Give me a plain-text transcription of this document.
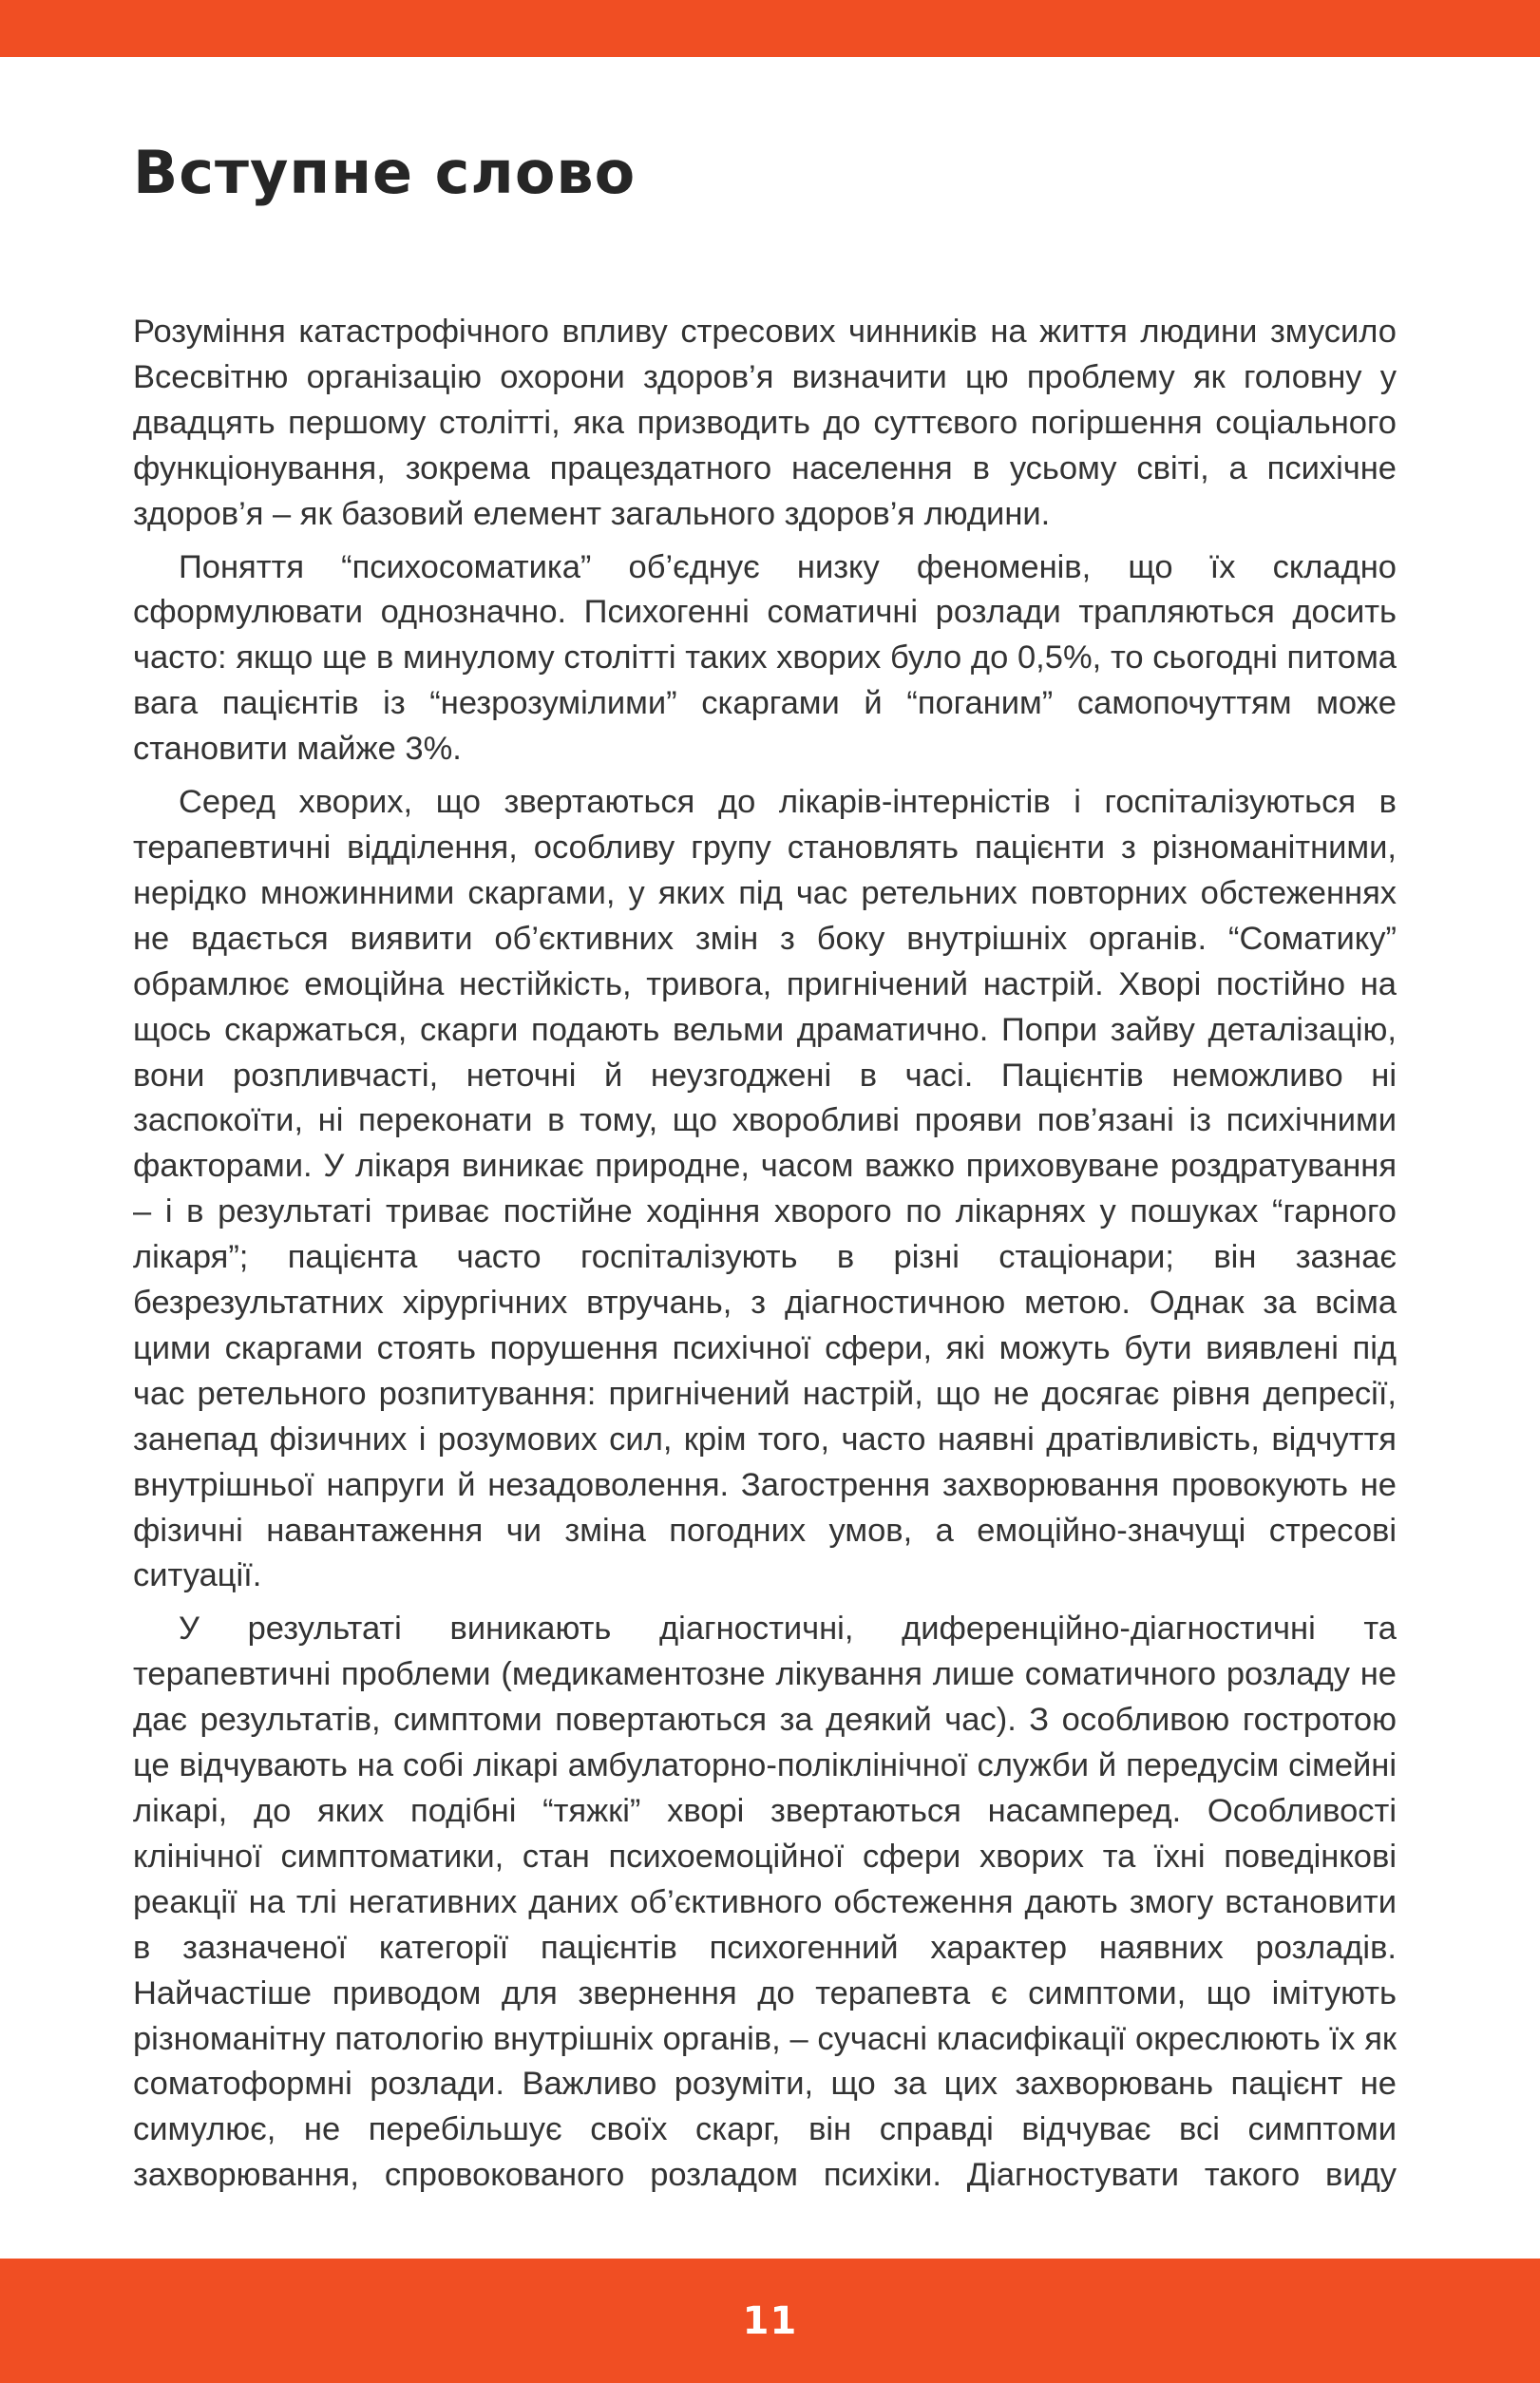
Вступне слово

Розуміння катастрофічного впливу стресових чинників на життя людини змусило Всесвітню організацію охорони здоров’я визначити цю проблему як головну у двадцять першому столітті, яка призводить до суттєвого погіршення соціального функціонування, зокрема працездатного населення в усьому світі, а психічне здоров’я – як базовий елемент загального здоров’я людини.

Поняття “психосоматика” об’єднує низку феноменів, що їх складно сформулювати однозначно. Психогенні соматичні розлади трапляються досить часто: якщо ще в минулому столітті таких хворих було до 0,5%, то сьогодні питома вага пацієнтів із “незрозумілими” скаргами й “поганим” самопочуттям може становити майже 3%.

Серед хворих, що звертаються до лікарів-інтерністів і госпіталізуються в терапевтичні відділення, особливу групу становлять пацієнти з різноманітними, нерідко множинними скаргами, у яких під час ретельних повторних обстеженнях не вдається виявити об’єктивних змін з боку внутрішніх органів. “Соматику” обрамлює емоційна нестійкість, тривога, пригнічений настрій. Хворі постійно на щось скаржаться, скарги подають вельми драматично. Попри зайву деталізацію, вони розпливчасті, неточні й неузгоджені в часі. Пацієнтів неможливо ні заспокоїти, ні переконати в тому, що хворобливі прояви пов’язані із психічними факторами. У лікаря виникає природне, часом важко приховуване роздратування – і в результаті триває постійне ходіння хворого по лікарнях у пошуках “гарного лікаря”; пацієнта часто госпіталізують в різні стаціонари; він зазнає безрезультатних хірургічних втручань, з діагностичною метою. Однак за всіма цими скаргами стоять порушення психічної сфери, які можуть бути виявлені під час ретельного розпитування: пригнічений настрій, що не досягає рівня депресії, занепад фізичних і розумових сил, крім того, часто наявні дратівливість, відчуття внутрішньої напруги й незадоволення. Загострення захворювання провокують не фізичні навантаження чи зміна погодних умов, а емоційно-значущі стресові ситуації.

У результаті виникають діагностичні, диференційно-діагностичні та терапевтичні проблеми (медикаментозне лікування лише соматичного розладу не дає результатів, симптоми повертаються за деякий час). З особливою гостротою це відчувають на собі лікарі амбулаторно-поліклінічної служби й передусім сімейні лікарі, до яких подібні “тяжкі” хворі звертаються насамперед. Особливості клінічної симптоматики, стан психоемоційної сфери хворих та їхні поведінкові реакції на тлі негативних даних об’єктивного обстеження дають змогу встановити в зазначеної категорії пацієнтів психогенний характер наявних розладів. Найчастіше приводом для звернення до терапевта є симптоми, що імітують різноманітну патологію внутрішніх органів, – сучасні класифікації окреслюють їх як соматоформні розлади. Важливо розуміти, що за цих захворювань пацієнт не симулює, не перебільшує своїх скарг, він справді відчуває всі симптоми захворювання, спровокованого розладом психіки. Діагностувати такого виду

11
